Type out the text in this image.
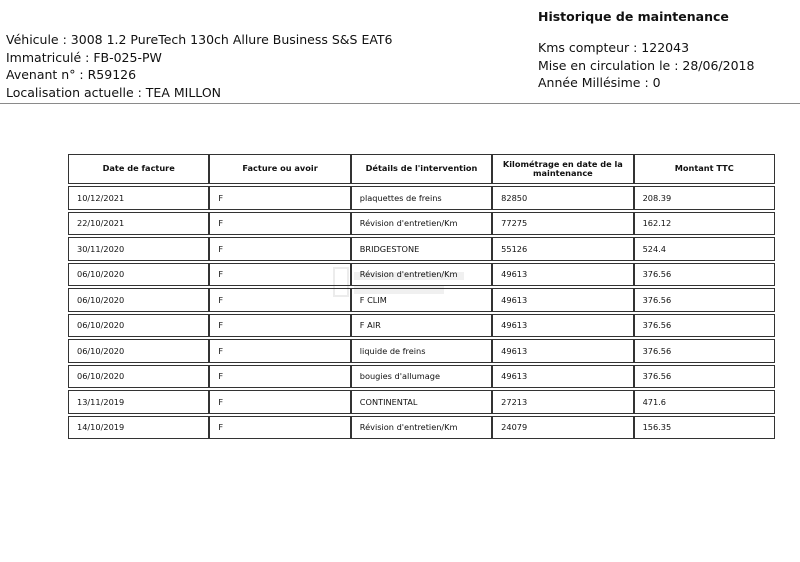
Véhicule : 3008 1.2 PureTech 130ch Allure Business S&S EAT6
Immatriculé : FB-025-PW
Avenant n° : R59126
Localisation actuelle : TEA MILLON
Historique de maintenance
Kms compteur : 122043
Mise en circulation le : 28/06/2018
Année Millésime : 0
Date de facture	Facture ou avoir	Détails de l'intervention	Kilométrage en date de la maintenance	Montant TTC
10/12/2021	F	plaquettes de freins	82850	208.39
22/10/2021	F	Révision d'entretien/Km	77275	162.12
30/11/2020	F	BRIDGESTONE	55126	524.4
06/10/2020	F	Révision d'entretien/Km	49613	376.56
06/10/2020	F	F CLIM	49613	376.56
06/10/2020	F	F AIR	49613	376.56
06/10/2020	F	liquide de freins	49613	376.56
06/10/2020	F	bougies d'allumage	49613	376.56
13/11/2019	F	CONTINENTAL	27213	471.6
14/10/2019	F	Révision d'entretien/Km	24079	156.35
